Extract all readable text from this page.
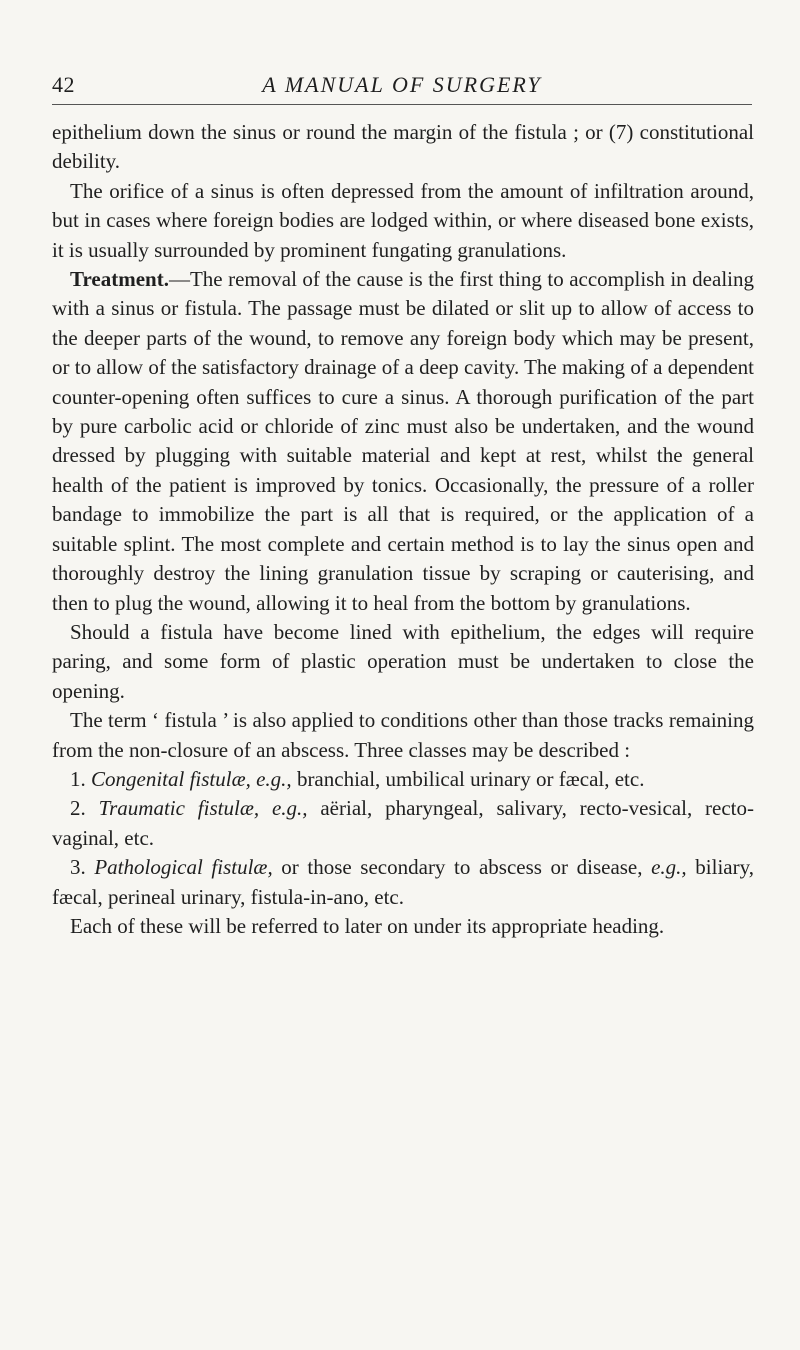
42	A MANUAL OF SURGERY

epithelium down the sinus or round the margin of the fistula ; or (7) constitutional debility.

The orifice of a sinus is often depressed from the amount of infiltration around, but in cases where foreign bodies are lodged within, or where diseased bone exists, it is usually surrounded by prominent fungating granulations.

Treatment.—The removal of the cause is the first thing to accomplish in dealing with a sinus or fistula. The passage must be dilated or slit up to allow of access to the deeper parts of the wound, to remove any foreign body which may be present, or to allow of the satisfactory drainage of a deep cavity. The making of a dependent counter-opening often suffices to cure a sinus. A thorough purification of the part by pure carbolic acid or chloride of zinc must also be undertaken, and the wound dressed by plugging with suitable material and kept at rest, whilst the general health of the patient is improved by tonics. Occasionally, the pressure of a roller bandage to immobilize the part is all that is required, or the application of a suitable splint. The most complete and certain method is to lay the sinus open and thoroughly destroy the lining granulation tissue by scraping or cauterising, and then to plug the wound, allowing it to heal from the bottom by granulations.

Should a fistula have become lined with epithelium, the edges will require paring, and some form of plastic operation must be undertaken to close the opening.

The term ‘ fistula ’ is also applied to conditions other than those tracks remaining from the non-closure of an abscess. Three classes may be described :

1. Congenital fistulæ, e.g., branchial, umbilical urinary or fæcal, etc.

2. Traumatic fistulæ, e.g., aërial, pharyngeal, salivary, recto-vesical, recto-vaginal, etc.

3. Pathological fistulæ, or those secondary to abscess or disease, e.g., biliary, fæcal, perineal urinary, fistula-in-ano, etc.

Each of these will be referred to later on under its appropriate heading.
